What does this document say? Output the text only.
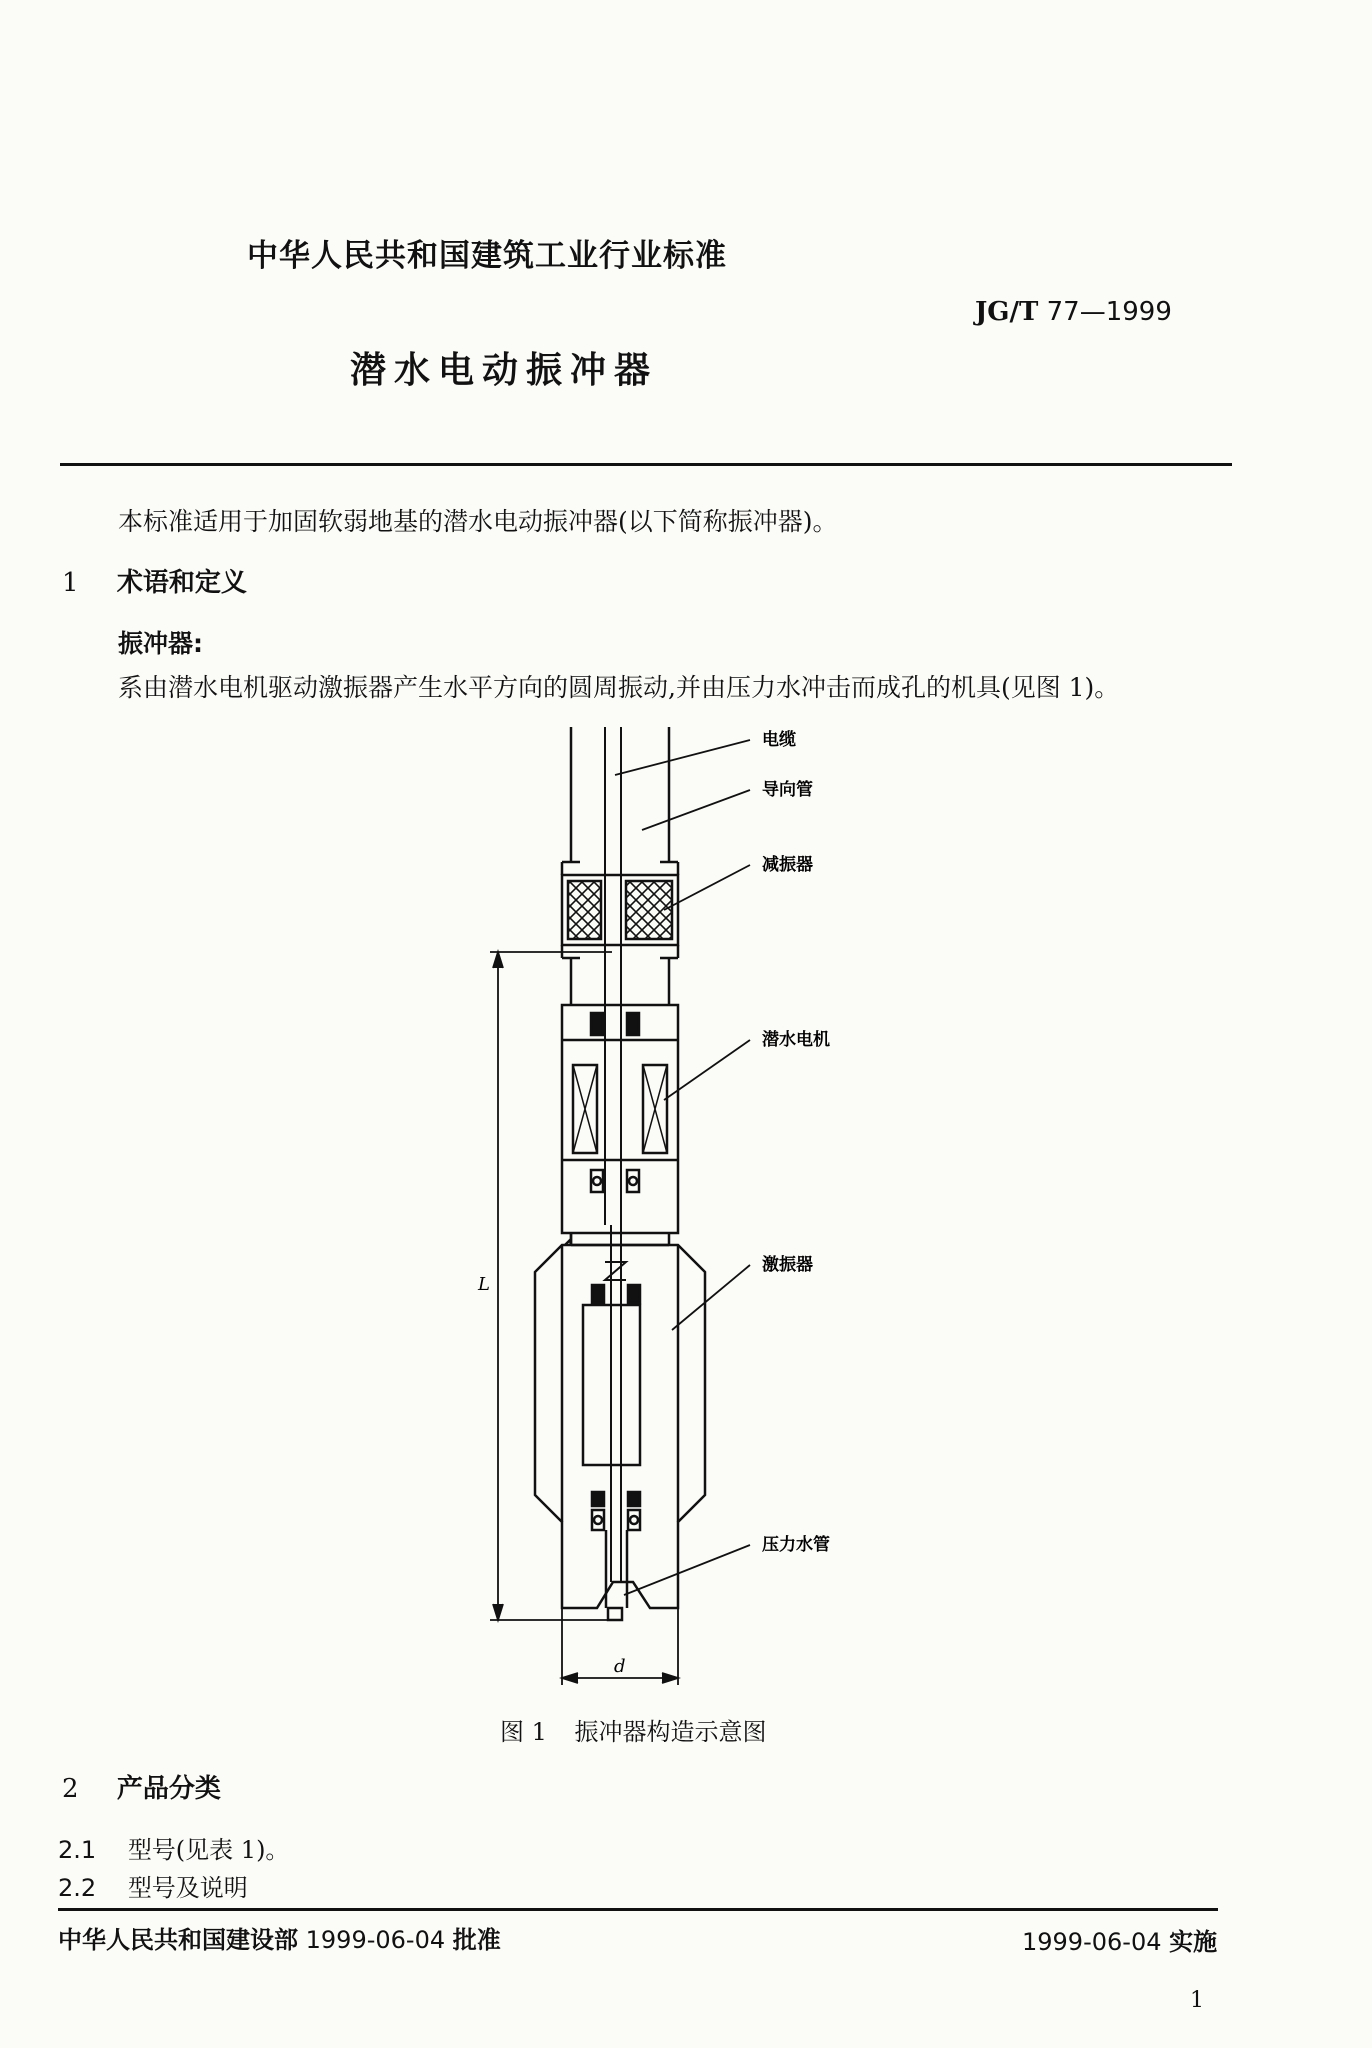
中华人民共和国建筑工业行业标准
JG/T 77—1999
潜水电动振冲器
本标准适用于加固软弱地基的潜水电动振冲器(以下简称振冲器)。
1 术语和定义
振冲器:
系由潜水电机驱动激振器产生水平方向的圆周振动,并由压力水冲击而成孔的机具(见图 1)。
电缆
导向管
减振器
潜水电机
激振器
压力水管
L
d
图 1 振冲器构造示意图
2 产品分类
2.1 型号(见表 1)。
2.2 型号及说明
中华人民共和国建设部 1999-06-04 批准	1999-06-04 实施
1
